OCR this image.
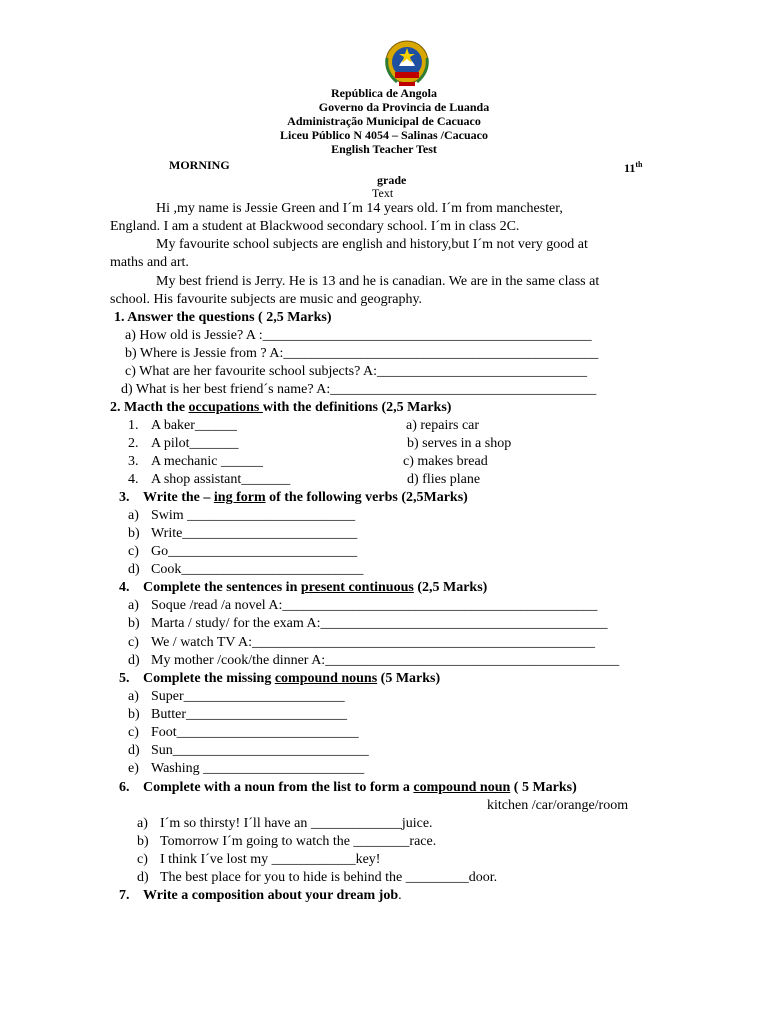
República de Angola
Governo da Provincia de Luanda
Administração Municipal de Cacuaco
Liceu Público N 4054 – Salinas /Cacuaco
English Teacher Test
MORNING	11th
grade
Text
Hi ,my name is Jessie Green and I´m 14 years old. I´m from manchester,
England. I am a student at Blackwood secondary school. I´m in class 2C.
My favourite school subjects are english and history,but I´m not very good at
maths and art.
My best friend is Jerry. He is 13 and he is canadian. We are in the same class at
school. His favourite subjects are music and geography.
1. Answer the questions ( 2,5 Marks)
a) How old is Jessie? A :_______________________________________________
b) Where is Jessie from ? A:_____________________________________________
c) What are her favourite school subjects? A:______________________________
d) What is her best friend´s name? A:______________________________________
2. Macth the occupations with the definitions (2,5 Marks)
1. A baker______	a) repairs car
2. A pilot_______	b) serves in a shop
3. A mechanic ______	c) makes bread
4. A shop assistant_______	d) flies plane
3. Write the – ing form of the following verbs (2,5Marks)
a) Swim ________________________
b) Write_________________________
c) Go___________________________
d) Cook__________________________
4. Complete the sentences in present continuous (2,5 Marks)
a) Soque /read /a novel A:_____________________________________________
b) Marta / study/ for the exam A:_________________________________________
c) We / watch TV A:_________________________________________________
d) My mother /cook/the dinner A:__________________________________________
5. Complete the missing compound nouns (5 Marks)
a) Super_______________________
b) Butter_______________________
c) Foot__________________________
d) Sun____________________________
e) Washing _______________________
6. Complete with a noun from the list to form a compound noun ( 5 Marks)
kitchen /car/orange/room
a) I´m so thirsty! I´ll have an _____________juice.
b) Tomorrow I´m going to watch the ________race.
c) I think I´ve lost my ____________key!
d) The best place for you to hide is behind the _________door.
7. Write a composition about your dream job.
